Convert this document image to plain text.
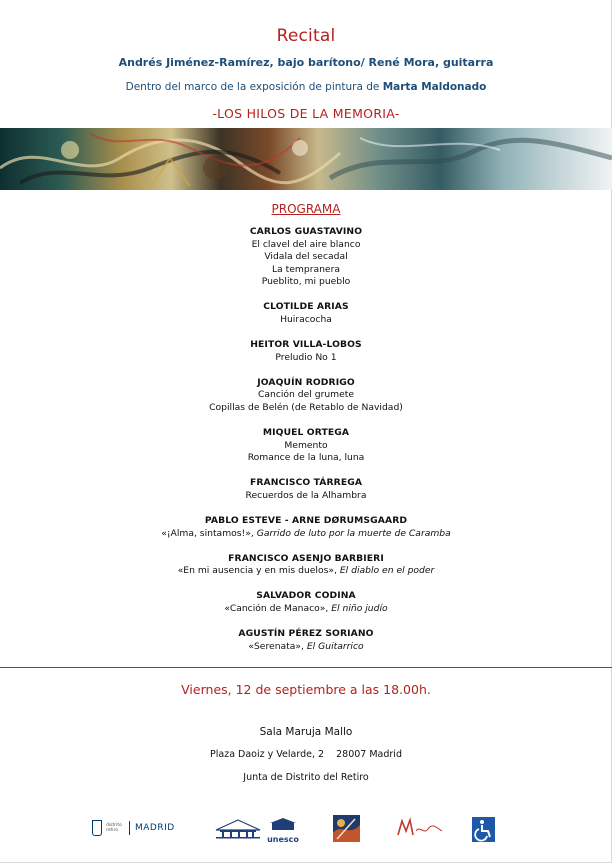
Recital
Andrés Jiménez-Ramírez, bajo barítono/ René Mora, guitarra
Dentro del marco de la exposición de pintura de Marta Maldonado
-LOS HILOS DE LA MEMORIA-
PROGRAMA
CARLOS GUASTAVINO
El clavel del aire blanco
Vidala del secadal
La tempranera
Pueblito, mi pueblo
CLOTILDE ARIAS
Huiracocha
HEITOR VILLA-LOBOS
Preludio No 1
JOAQUÍN RODRIGO
Canción del grumete
Copillas de Belén (de Retablo de Navidad)
MIQUEL ORTEGA
Memento
Romance de la luna, luna
FRANCISCO TÁRREGA
Recuerdos de la Alhambra
PABLO ESTEVE - ARNE DØRUMSGAARD
«¡Alma, sintamos!», Garrido de luto por la muerte de Caramba
FRANCISCO ASENJO BARBIERI
«En mi ausencia y en mis duelos», El diablo en el poder
SALVADOR CODINA
«Canción de Manaco», El niño judío
AGUSTÍN PÉREZ SORIANO
«Serenata», El Guitarrico
Viernes, 12 de septiembre a las 18.00h.
Sala Maruja Mallo
Plaza Daoiz y Velarde, 2    28007 Madrid
Junta de Distrito del Retiro
distrito retiro	MADRID
unesco
